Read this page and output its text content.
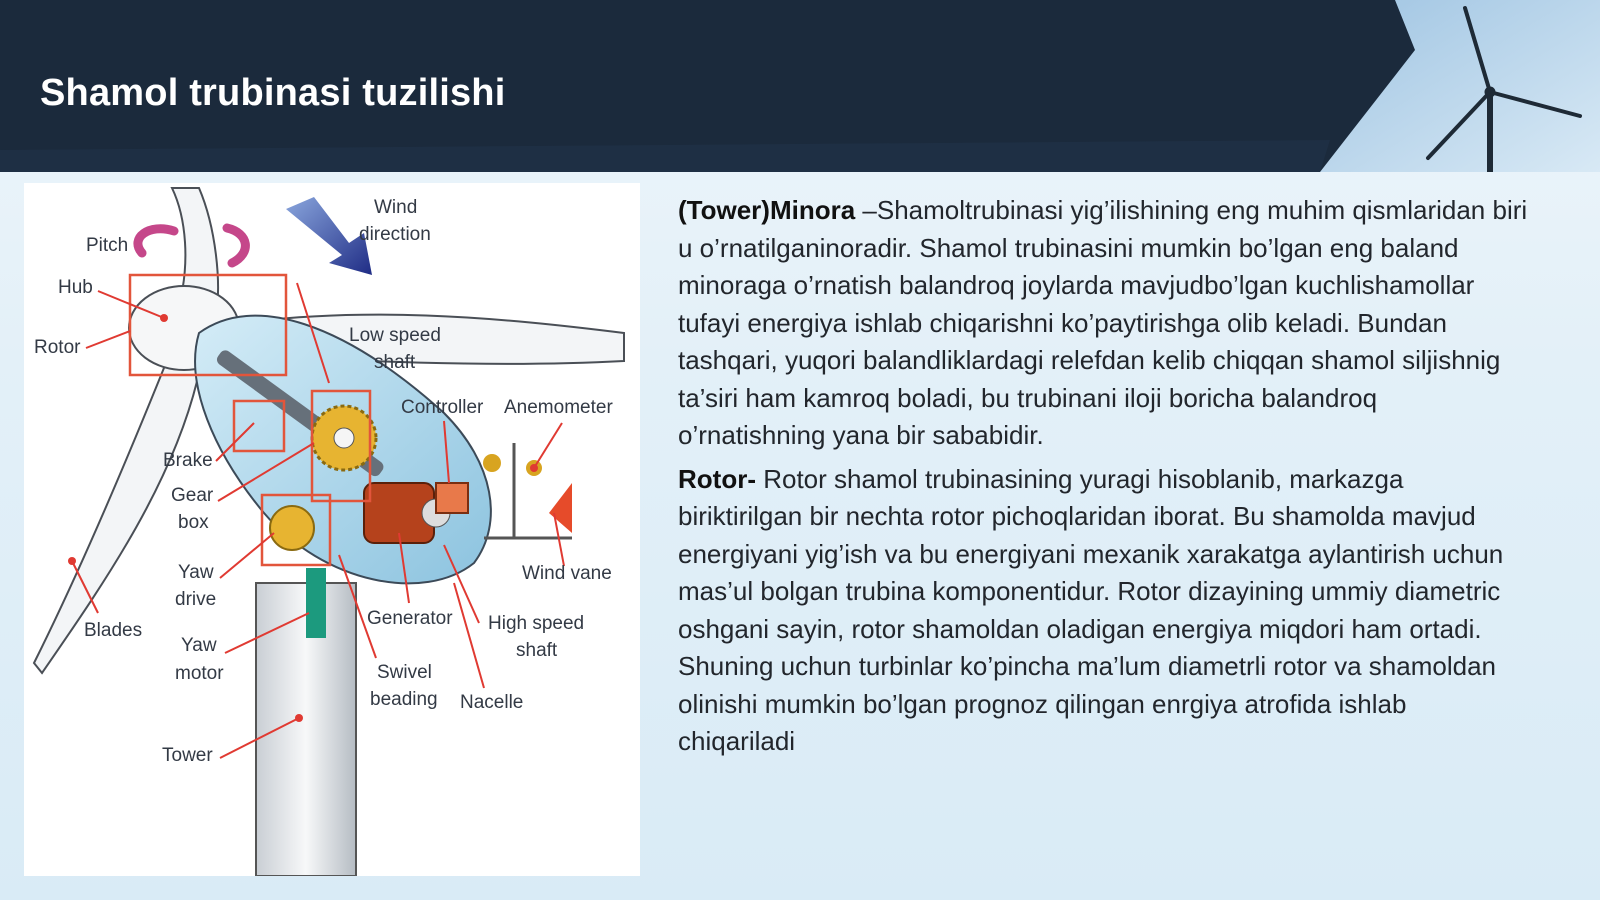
Shamol trubinasi tuzilishi
Wind
direction
Pitch
Hub
Rotor
Low speed
shaft
Controller Anemometer
Brake
Gear
box
Yaw
drive
Wind vane
Blades
Generator High speed
shaft
Yaw
motor	Swivel
beading Nacelle
Tower

(Tower)Minora –Shamoltrubinasi yig’ilishining eng muhim qismlaridan biri u o’rnatilganinoradir. Shamol trubinasini mumkin bo’lgan eng baland minoraga o’rnatish balandroq joylarda mavjudbo’lgan kuchlishamollar tufayi energiya ishlab chiqarishni ko’paytirishga olib keladi. Bundan tashqari, yuqori balandliklardagi relefdan kelib chiqqan shamol siljishnig ta’siri ham kamroq boladi, bu trubinani iloji boricha balandroq o’rnatishning yana bir sababidir.

Rotor- Rotor shamol trubinasining yuragi hisoblanib, markazga biriktirilgan bir nechta rotor pichoqlaridan iborat. Bu shamolda mavjud energiyani yig’ish va bu energiyani mexanik xarakatga aylantirish uchun mas’ul bolgan trubina komponentidur. Rotor dizayining ummiy diametric oshgani sayin, rotor shamoldan oladigan energiya miqdori ham ortadi. Shuning uchun turbinlar ko’pincha ma’lum diametrli rotor va shamoldan olinishi mumkin bo’lgan prognoz qilingan enrgiya atrofida ishlab chiqariladi
